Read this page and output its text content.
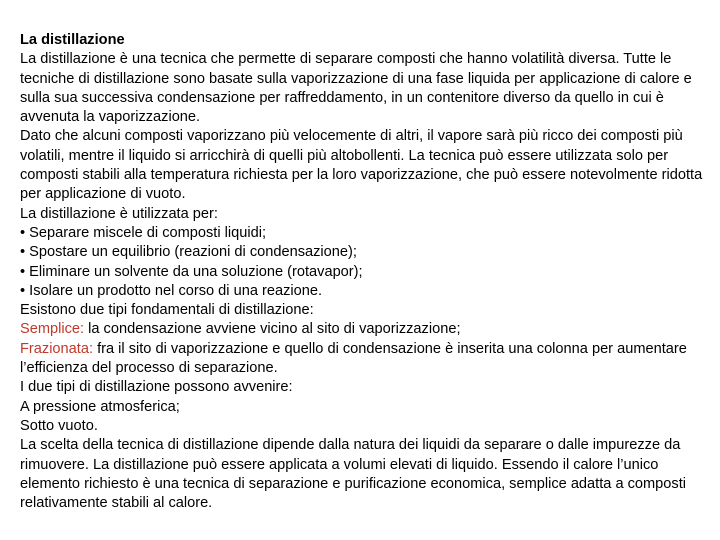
La distillazione
La distillazione è una tecnica che permette di separare composti che hanno volatilità diversa. Tutte le tecniche di distillazione sono basate sulla vaporizzazione di una fase liquida per applicazione di calore e sulla sua successiva condensazione per raffreddamento, in un contenitore diverso da quello in cui è avvenuta la vaporizzazione.
Dato che alcuni composti vaporizzano più velocemente di altri, il vapore sarà più ricco dei composti più volatili, mentre il liquido si arricchirà di quelli più altobollenti. La tecnica può essere utilizzata solo per composti stabili alla temperatura richiesta per la loro vaporizzazione, che può essere notevolmente ridotta per applicazione di vuoto.
La distillazione è utilizzata per:
• Separare miscele di composti liquidi;
• Spostare un equilibrio (reazioni di condensazione);
• Eliminare un solvente da una soluzione (rotavapor);
• Isolare un prodotto nel corso di una reazione.
Esistono due tipi fondamentali di distillazione:
Semplice: la condensazione avviene vicino al sito di vaporizzazione;
Frazionata: fra il sito di vaporizzazione e quello di condensazione è inserita una colonna per aumentare l’efficienza del processo di separazione.
I due tipi di distillazione possono avvenire:
A pressione atmosferica;
Sotto vuoto.
La scelta della tecnica di distillazione dipende dalla natura dei liquidi da separare o dalle impurezze da rimuovere. La distillazione può essere applicata a volumi elevati di liquido. Essendo il calore l’unico elemento richiesto è una tecnica di separazione e purificazione economica, semplice adatta a composti relativamente stabili al calore.
